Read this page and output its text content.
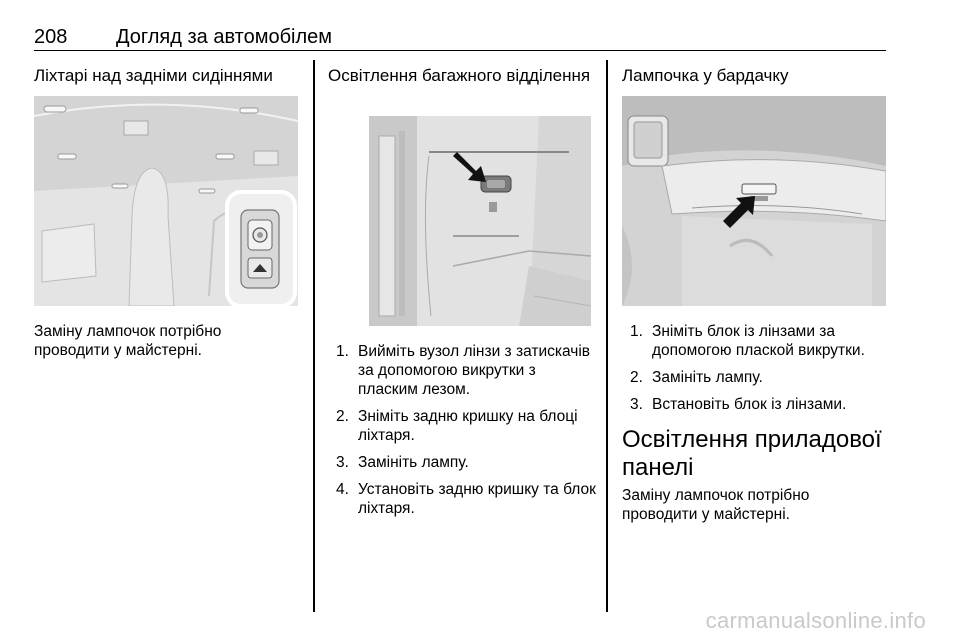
208 Догляд за автомобілем

Ліхтарі над задніми сидіннями

Заміну лампочок потрібно проводити у майстерні.

Освітлення багажного відділення

1. Вийміть вузол лінзи з затискачів за допомогою викрутки з пласким лезом.
2. Зніміть задню кришку на блоці ліхтаря.
3. Замініть лампу.
4. Установіть задню кришку та блок ліхтаря.

Лампочка у бардачку

1. Зніміть блок із лінзами за допомогою плаской викрутки.
2. Замініть лампу.
3. Встановіть блок із лінзами.

Освітлення приладової панелі

Заміну лампочок потрібно проводити у майстерні.
carmanualsonline.info
